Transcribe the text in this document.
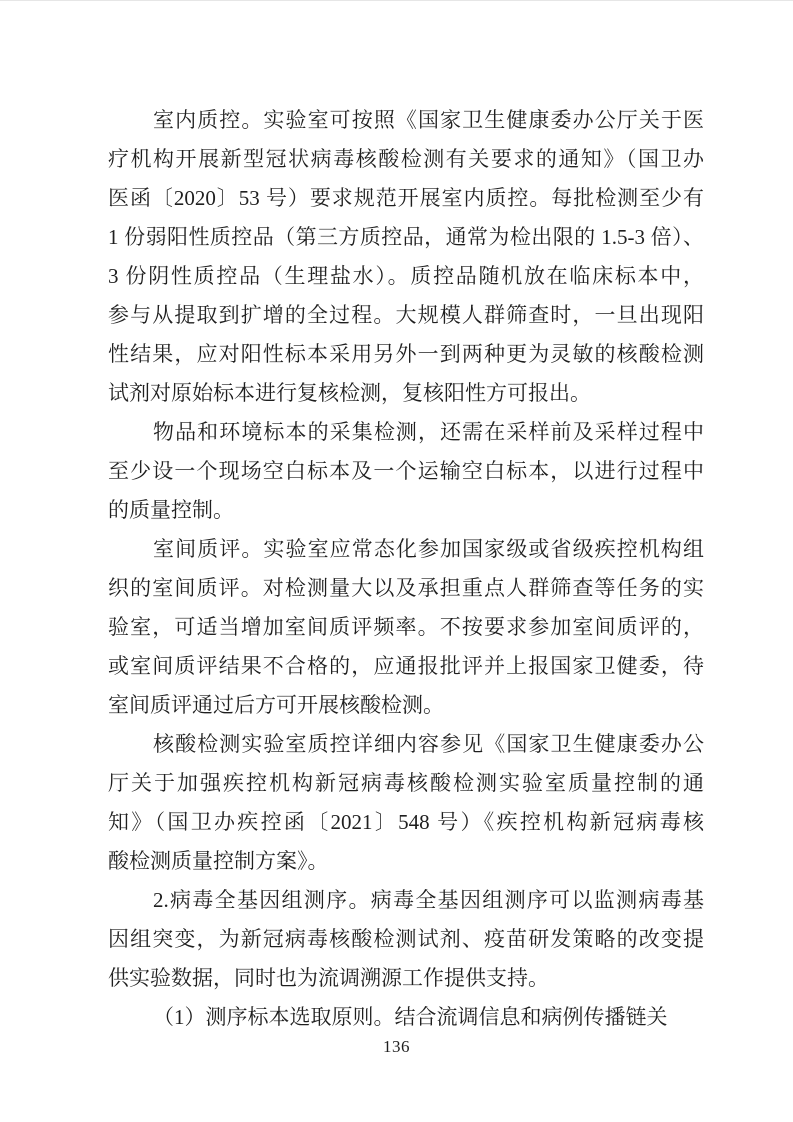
室内质控。实验室可按照《国家卫生健康委办公厅关于医
疗机构开展新型冠状病毒核酸检测有关要求的通知》（国卫办
医函〔2020〕53 号）要求规范开展室内质控。每批检测至少有
1 份弱阳性质控品（第三方质控品，通常为检出限的 1.5-3 倍）、
3 份阴性质控品（生理盐水）。质控品随机放在临床标本中，
参与从提取到扩增的全过程。大规模人群筛查时，一旦出现阳
性结果，应对阳性标本采用另外一到两种更为灵敏的核酸检测
试剂对原始标本进行复核检测，复核阳性方可报出。
物品和环境标本的采集检测，还需在采样前及采样过程中
至少设一个现场空白标本及一个运输空白标本，以进行过程中
的质量控制。
室间质评。实验室应常态化参加国家级或省级疾控机构组
织的室间质评。对检测量大以及承担重点人群筛查等任务的实
验室，可适当增加室间质评频率。不按要求参加室间质评的，
或室间质评结果不合格的，应通报批评并上报国家卫健委，待
室间质评通过后方可开展核酸检测。
核酸检测实验室质控详细内容参见《国家卫生健康委办公
厅关于加强疾控机构新冠病毒核酸检测实验室质量控制的通
知》（国卫办疾控函〔2021〕548 号）《疾控机构新冠病毒核
酸检测质量控制方案》。
2.病毒全基因组测序。病毒全基因组测序可以监测病毒基
因组突变，为新冠病毒核酸检测试剂、疫苗研发策略的改变提
供实验数据，同时也为流调溯源工作提供支持。
（1）测序标本选取原则。结合流调信息和病例传播链关
136
